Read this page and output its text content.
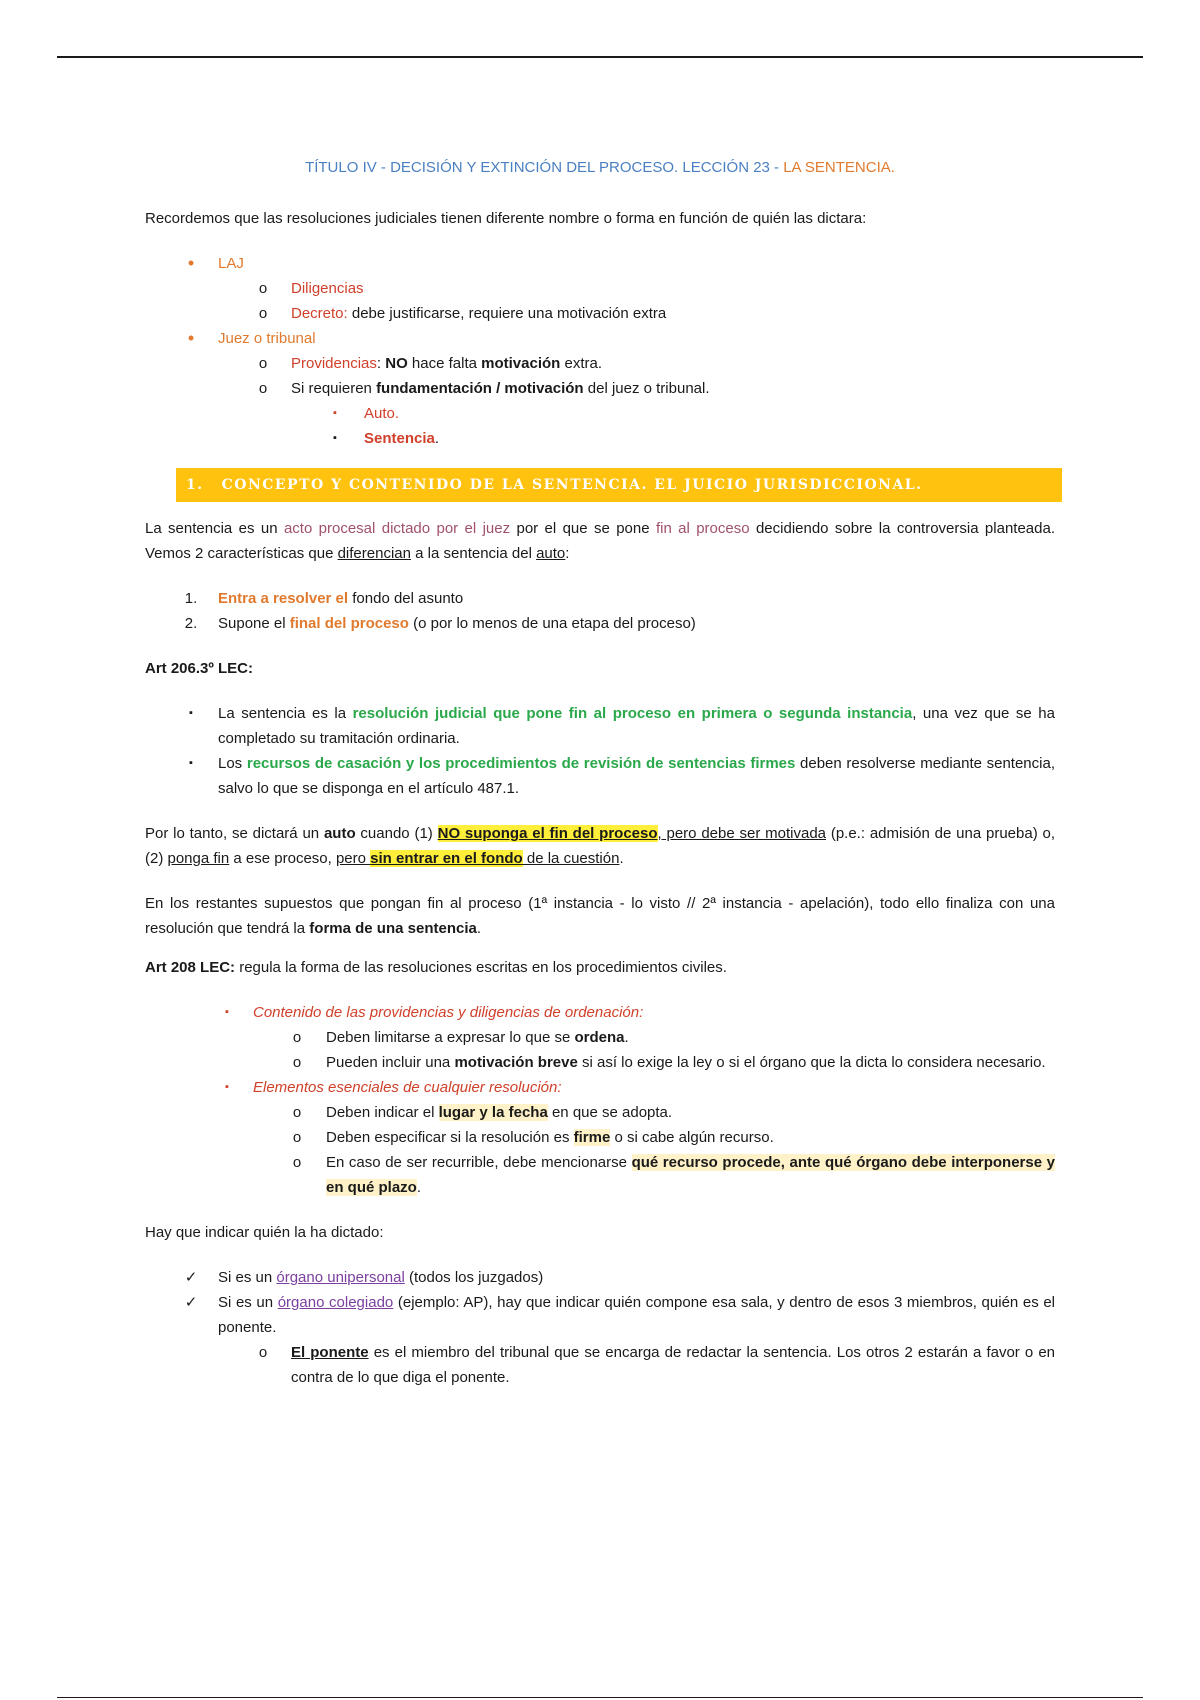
TÍTULO IV - DECISIÓN Y EXTINCIÓN DEL PROCESO. LECCIÓN 23 - LA SENTENCIA.

Recordemos que las resoluciones judiciales tienen diferente nombre o forma en función de quién las dictara:

•	LAJ
o	Diligencias
o	Decreto: debe justificarse, requiere una motivación extra
•	Juez o tribunal
o	Providencias: NO hace falta motivación extra.
o	Si requieren fundamentación / motivación del juez o tribunal.
▪	Auto.
▪	Sentencia.
1. CONCEPTO Y CONTENIDO DE LA SENTENCIA. EL JUICIO JURISDICCIONAL.

La sentencia es un acto procesal dictado por el juez por el que se pone fin al proceso decidiendo sobre la controversia planteada. Vemos 2 características que diferencian a la sentencia del auto:

1. Entra a resolver el fondo del asunto
2. Supone el final del proceso (o por lo menos de una etapa del proceso)

Art 206.3º LEC:

▪	La sentencia es la resolución judicial que pone fin al proceso en primera o segunda instancia, una vez que se ha completado su tramitación ordinaria.
▪	Los recursos de casación y los procedimientos de revisión de sentencias firmes deben resolverse mediante sentencia, salvo lo que se disponga en el artículo 487.1.

Por lo tanto, se dictará un auto cuando (1) NO suponga el fin del proceso, pero debe ser motivada (p.e.: admisión de una prueba) o, (2) ponga fin a ese proceso, pero sin entrar en el fondo de la cuestión.

En los restantes supuestos que pongan fin al proceso (1ª instancia - lo visto // 2ª instancia - apelación), todo ello finaliza con una resolución que tendrá la forma de una sentencia.

Art 208 LEC: regula la forma de las resoluciones escritas en los procedimientos civiles.

▪	Contenido de las providencias y diligencias de ordenación:
o	Deben limitarse a expresar lo que se ordena.
o	Pueden incluir una motivación breve si así lo exige la ley o si el órgano que la dicta lo considera necesario.
▪	Elementos esenciales de cualquier resolución:
o	Deben indicar el lugar y la fecha en que se adopta.
o	Deben especificar si la resolución es firme o si cabe algún recurso.
o	En caso de ser recurrible, debe mencionarse qué recurso procede, ante qué órgano debe interponerse y en qué plazo.

Hay que indicar quién la ha dictado:

✓ Si es un órgano unipersonal (todos los juzgados)
✓ Si es un órgano colegiado (ejemplo: AP), hay que indicar quién compone esa sala, y dentro de esos 3 miembros, quién es el ponente.
o	El ponente es el miembro del tribunal que se encarga de redactar la sentencia. Los otros 2 estarán a favor o en contra de lo que diga el ponente.
